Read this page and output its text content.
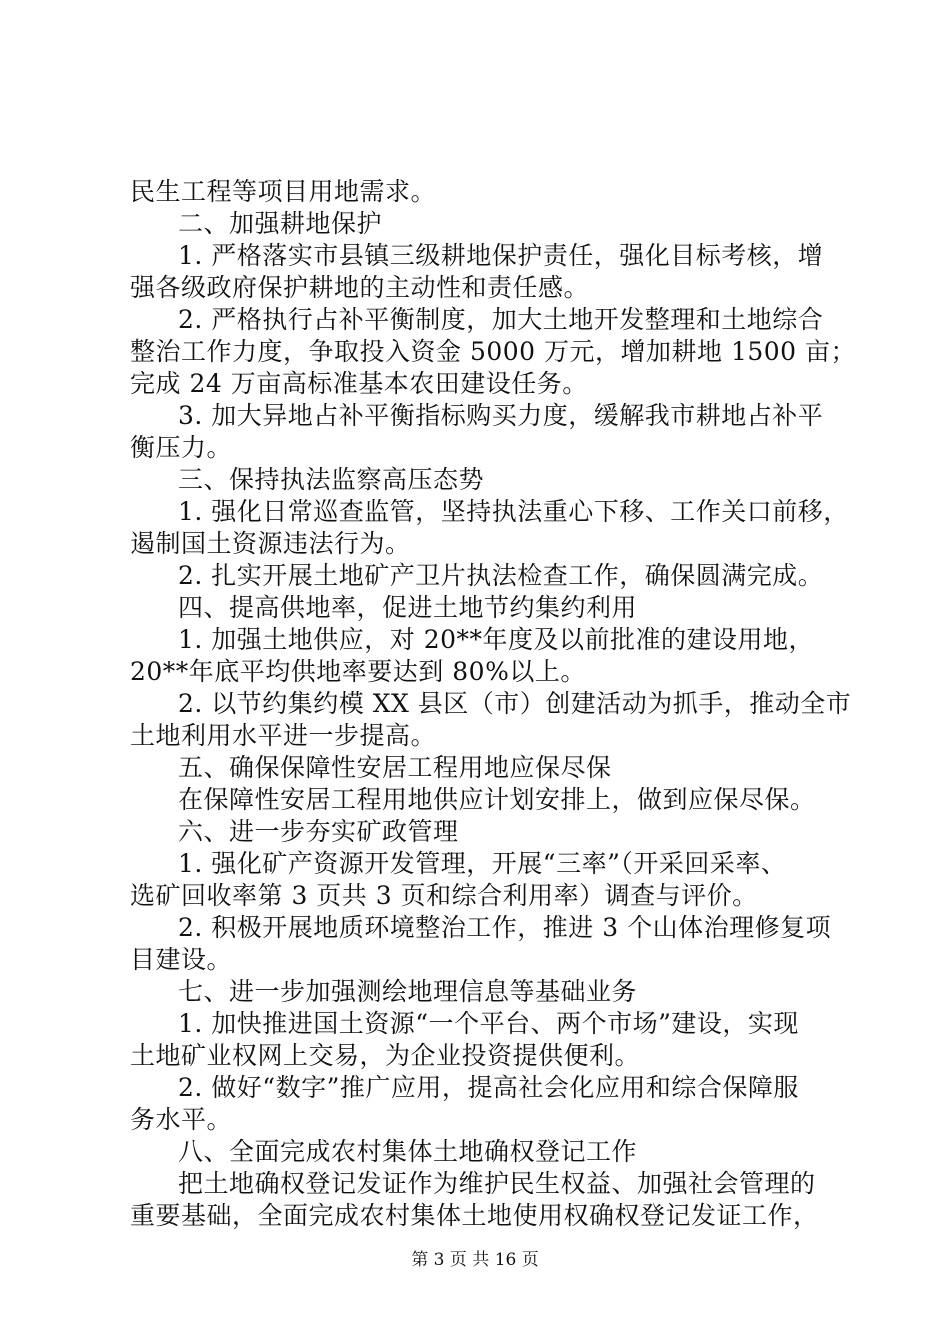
民生工程等项目用地需求。
二、加强耕地保护
1. 严格落实市县镇三级耕地保护责任，强化目标考核，增
强各级政府保护耕地的主动性和责任感。
2. 严格执行占补平衡制度，加大土地开发整理和土地综合
整治工作力度，争取投入资金 5000 万元，增加耕地 1500 亩；
完成 24 万亩高标准基本农田建设任务。
3. 加大异地占补平衡指标购买力度，缓解我市耕地占补平
衡压力。
三、保持执法监察高压态势
1. 强化日常巡查监管，坚持执法重心下移、工作关口前移，
遏制国土资源违法行为。
2. 扎实开展土地矿产卫片执法检查工作，确保圆满完成。
四、提高供地率，促进土地节约集约利用
1. 加强土地供应，对 20**年度及以前批准的建设用地，
20**年底平均供地率要达到 80%以上。
2. 以节约集约模 XX 县区（市）创建活动为抓手，推动全市
土地利用水平进一步提高。
五、确保保障性安居工程用地应保尽保
在保障性安居工程用地供应计划安排上，做到应保尽保。
六、进一步夯实矿政管理
1. 强化矿产资源开发管理，开展“三率”（开采回采率、
选矿回收率第 3 页共 3 页和综合利用率）调查与评价。
2. 积极开展地质环境整治工作，推进 3 个山体治理修复项
目建设。
七、进一步加强测绘地理信息等基础业务
1. 加快推进国土资源“一个平台、两个市场”建设，实现
土地矿业权网上交易，为企业投资提供便利。
2. 做好“数字”推广应用，提高社会化应用和综合保障服
务水平。
八、全面完成农村集体土地确权登记工作
把土地确权登记发证作为维护民生权益、加强社会管理的
重要基础，全面完成农村集体土地使用权确权登记发证工作，
第 3 页 共 16 页
